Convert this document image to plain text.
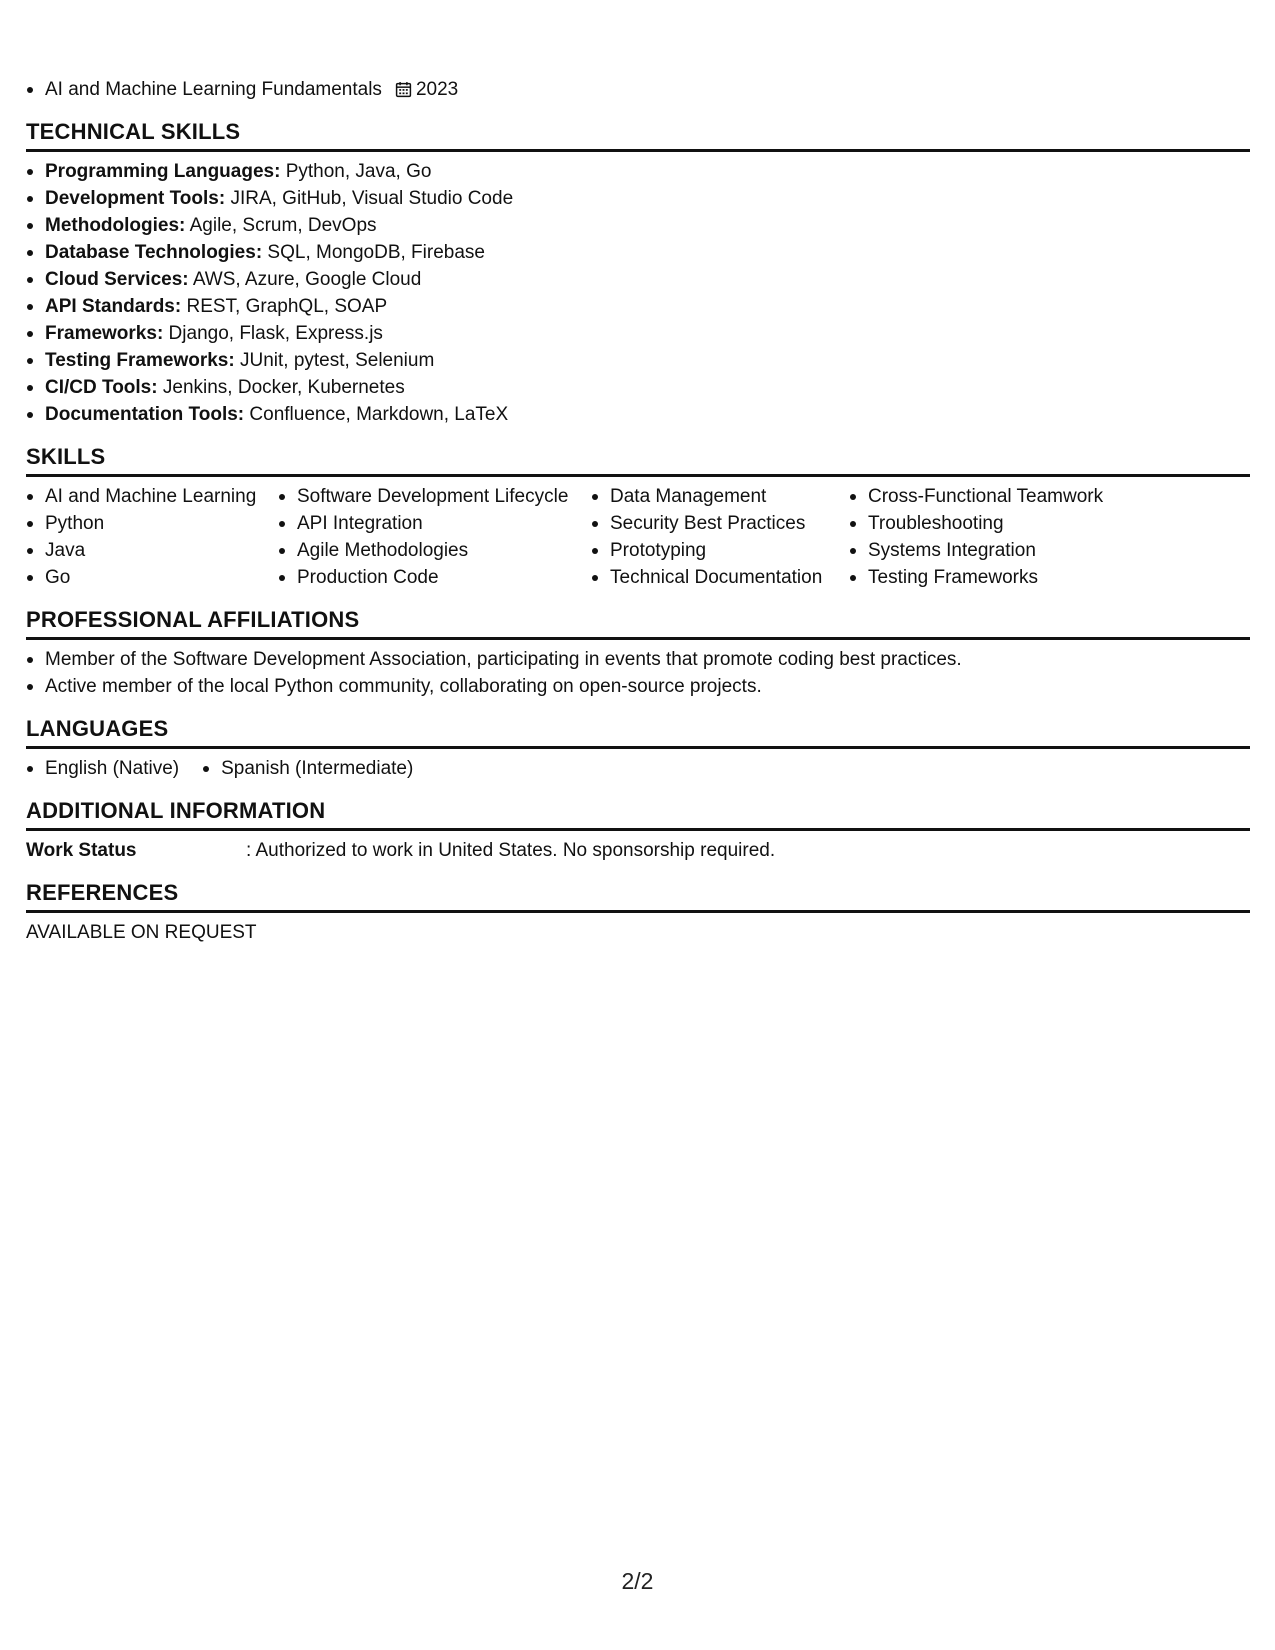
AI and Machine Learning Fundamentals 2023
TECHNICAL SKILLS
Programming Languages: Python, Java, Go
Development Tools: JIRA, GitHub, Visual Studio Code
Methodologies: Agile, Scrum, DevOps
Database Technologies: SQL, MongoDB, Firebase
Cloud Services: AWS, Azure, Google Cloud
API Standards: REST, GraphQL, SOAP
Frameworks: Django, Flask, Express.js
Testing Frameworks: JUnit, pytest, Selenium
CI/CD Tools: Jenkins, Docker, Kubernetes
Documentation Tools: Confluence, Markdown, LaTeX
SKILLS
AI and Machine Learning
Python
Java
Go
Software Development Lifecycle
API Integration
Agile Methodologies
Production Code
Data Management
Security Best Practices
Prototyping
Technical Documentation
Cross-Functional Teamwork
Troubleshooting
Systems Integration
Testing Frameworks
PROFESSIONAL AFFILIATIONS
Member of the Software Development Association, participating in events that promote coding best practices.
Active member of the local Python community, collaborating on open-source projects.
LANGUAGES
English (Native)	Spanish (Intermediate)
ADDITIONAL INFORMATION
Work Status	: Authorized to work in United States. No sponsorship required.
REFERENCES
AVAILABLE ON REQUEST
2/2
